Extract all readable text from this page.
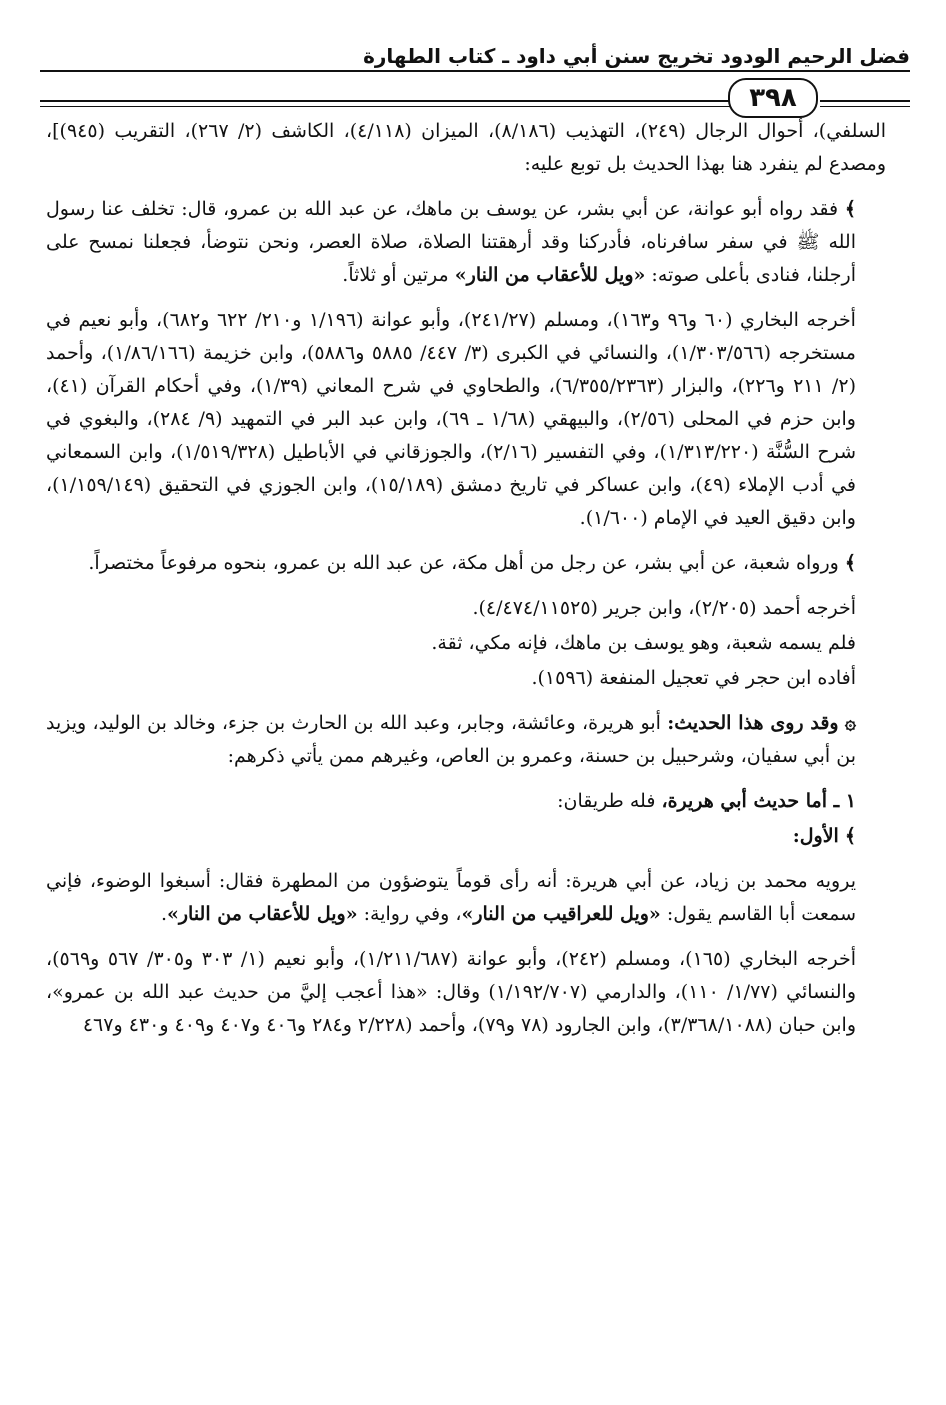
فضل الرحيم الودود تخريج سنن أبي داود ـ كتاب الطهارة
٣٩٨

السلفي)، أحوال الرجال (٢٤٩)، التهذيب (٨/١٨٦)، الميزان (٤/١١٨)، الكاشف (٢/ ٢٦٧)، التقريب (٩٤٥)]، ومصدع لم ينفرد هنا بهذا الحديث بل توبع عليه:

﴾ فقد رواه أبو عوانة، عن أبي بشر، عن يوسف بن ماهك، عن عبد الله بن عمرو، قال: تخلف عنا رسول الله ﷺ في سفر سافرناه، فأدركنا وقد أرهقتنا الصلاة، صلاة العصر، ونحن نتوضأ، فجعلنا نمسح على أرجلنا، فنادى بأعلى صوته: «ويل للأعقاب من النار» مرتين أو ثلاثاً.

أخرجه البخاري (٦٠ و٩٦ و١٦٣)، ومسلم (٢٤١/٢٧)، وأبو عوانة (١/١٩٦ و٢١٠/ ٦٢٢ و٦٨٢)، وأبو نعيم في مستخرجه (١/٣٠٣/٥٦٦)، والنسائي في الكبرى (٣/ ٤٤٧/ ٥٨٨٥ و٥٨٨٦)، وابن خزيمة (١/٨٦/١٦٦)، وأحمد (٢/ ٢١١ و٢٢٦)، والبزار (٦/٣٥٥/٢٣٦٣)، والطحاوي في شرح المعاني (١/٣٩)، وفي أحكام القرآن (٤١)، وابن حزم في المحلى (٢/٥٦)، والبيهقي (١/٦٨ ـ ٦٩)، وابن عبد البر في التمهيد (٩/ ٢٨٤)، والبغوي في شرح السُّنَّة (١/٣١٣/٢٢٠)، وفي التفسير (٢/١٦)، والجوزقاني في الأباطيل (١/٥١٩/٣٢٨)، وابن السمعاني في أدب الإملاء (٤٩)، وابن عساكر في تاريخ دمشق (١٥/١٨٩)، وابن الجوزي في التحقيق (١/١٥٩/١٤٩)، وابن دقيق العيد في الإمام (١/٦٠٠).

﴾ ورواه شعبة، عن أبي بشر، عن رجل من أهل مكة، عن عبد الله بن عمرو، بنحوه مرفوعاً مختصراً.

أخرجه أحمد (٢/٢٠٥)، وابن جرير (٤/٤٧٤/١١٥٢٥).

فلم يسمه شعبة، وهو يوسف بن ماهك، فإنه مكي، ثقة.

أفاده ابن حجر في تعجيل المنفعة (١٥٩٦).

۞ وقد روى هذا الحديث: أبو هريرة، وعائشة، وجابر، وعبد الله بن الحارث بن جزء، وخالد بن الوليد، ويزيد بن أبي سفيان، وشرحبيل بن حسنة، وعمرو بن العاص، وغيرهم ممن يأتي ذكرهم:

١ ـ أما حديث أبي هريرة، فله طريقان:

﴾ الأول:

يرويه محمد بن زياد، عن أبي هريرة: أنه رأى قوماً يتوضؤون من المطهرة فقال: أسبغوا الوضوء، فإني سمعت أبا القاسم يقول: «ويل للعراقيب من النار»، وفي رواية: «ويل للأعقاب من النار».

أخرجه البخاري (١٦٥)، ومسلم (٢٤٢)، وأبو عوانة (١/٢١١/٦٨٧)، وأبو نعيم (١/ ٣٠٣ و٣٠٥/ ٥٦٧ و٥٦٩)، والنسائي (١/٧٧/ ١١٠)، والدارمي (١/١٩٢/٧٠٧) وقال: «هذا أعجب إليَّ من حديث عبد الله بن عمرو»، وابن حبان (٣/٣٦٨/١٠٨٨)، وابن الجارود (٧٨ و٧٩)، وأحمد (٢/٢٢٨ و٢٨٤ و٤٠٦ و٤٠٧ و٤٠٩ و٤٣٠ و٤٦٧
